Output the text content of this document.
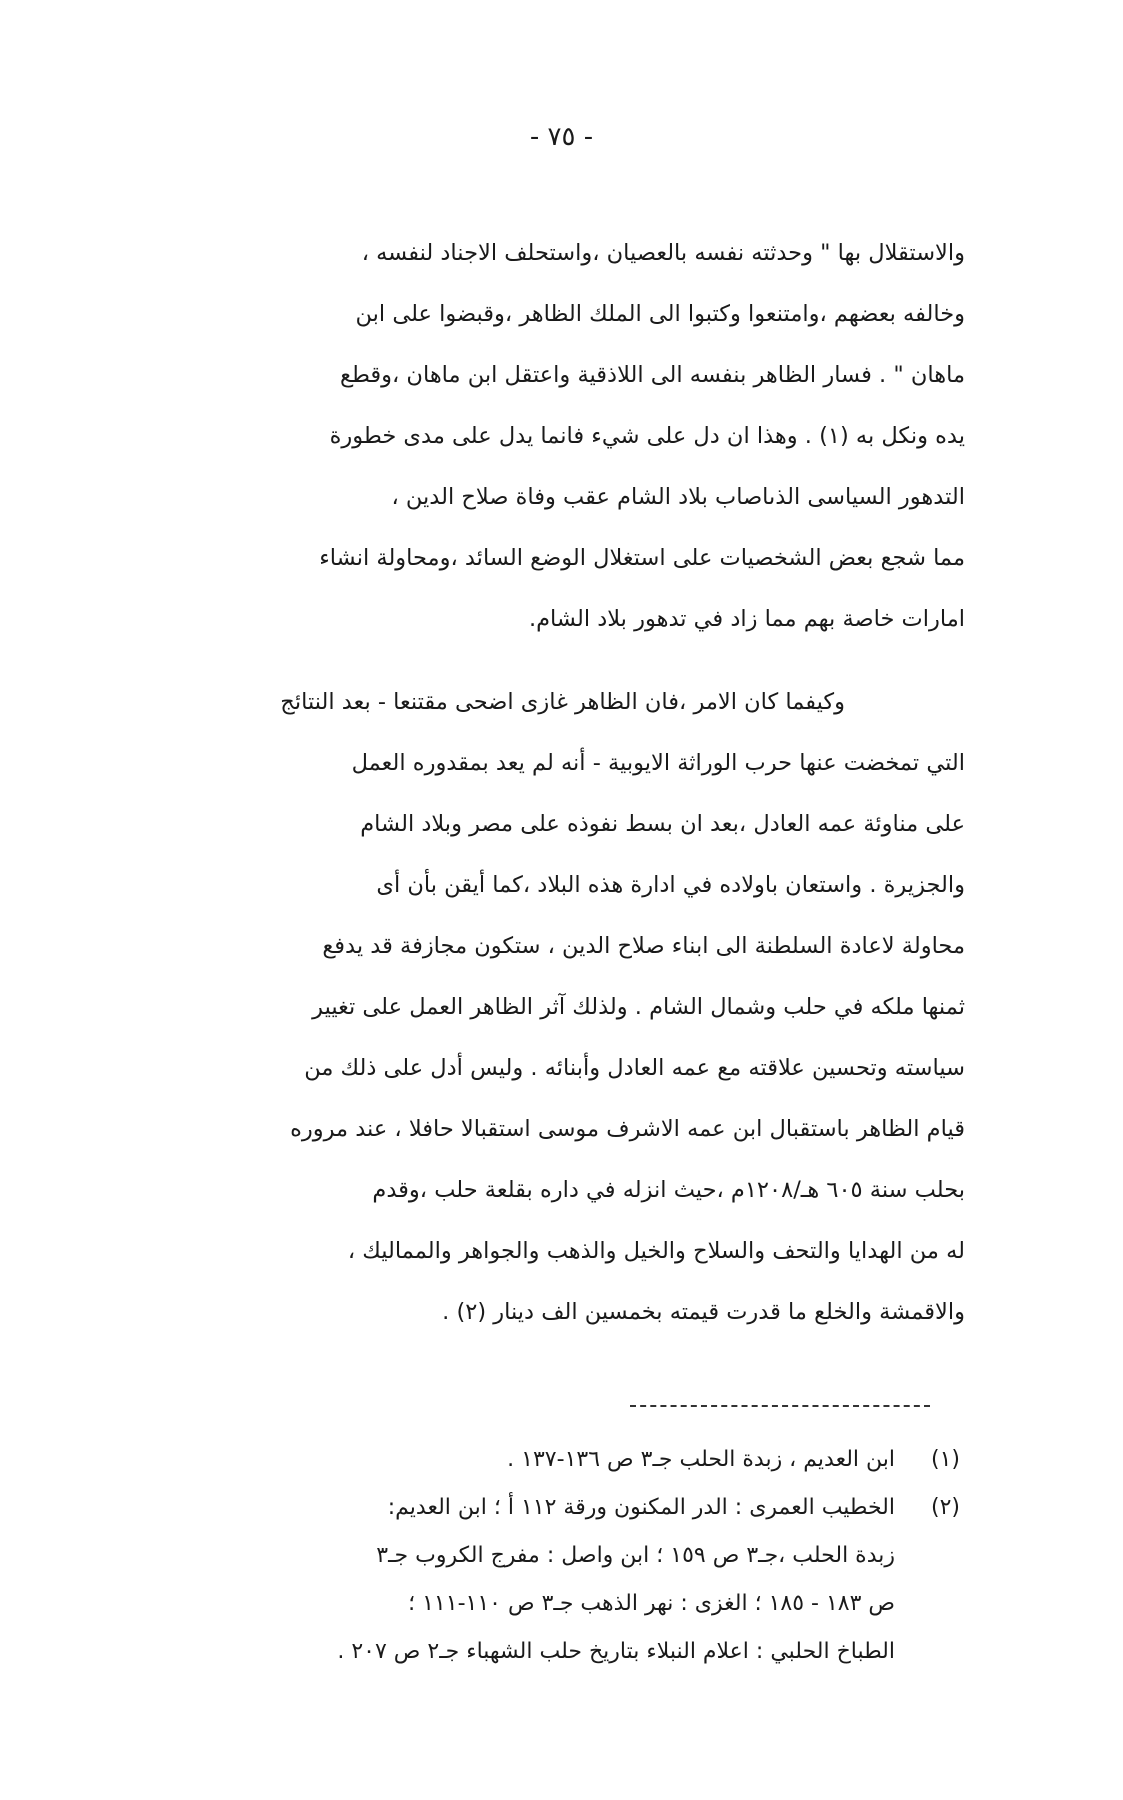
- ٧٥ -
والاستقلال بها " وحدثته نفسه بالعصيان ،واستحلف الاجناد لنفسه ،
وخالفه بعضهم ،وامتنعوا وكتبوا الى الملك الظاهر ،وقبضوا على ابن
ماهان " . فسار الظاهر بنفسه الى اللاذقية واعتقل ابن ماهان ،وقطع
يده ونكل به (١) . وهذا ان دل على شيء فانما يدل على مدى خطورة
التدهور السياسى الذىاصاب بلاد الشام عقب وفاة صلاح الدين ،
مما شجع بعض الشخصيات على استغلال الوضع السائد ،ومحاولة انشاء
امارات خاصة بهم مما زاد في تدهور بلاد الشام.
وكيفما كان الامر ،فان الظاهر غازى اضحى مقتنعا - بعد النتائج
التي تمخضت عنها حرب الوراثة الايوبية - أنه لم يعد بمقدوره العمل
على مناوئة عمه العادل ،بعد ان بسط نفوذه على مصر وبلاد الشام
والجزيرة . واستعان باولاده في ادارة هذه البلاد ،كما أيقن بأن أى
محاولة لاعادة السلطنة الى ابناء صلاح الدين ، ستكون مجازفة قد يدفع
ثمنها ملكه في حلب وشمال الشام . ولذلك آثر الظاهر العمل على تغيير
سياسته وتحسين علاقته مع عمه العادل وأبنائه . وليس أدل على ذلك من
قيام الظاهر باستقبال ابن عمه الاشرف موسى استقبالا حافلا ، عند مروره
بحلب سنة ٦٠٥ هـ/١٢٠٨م ،حيث انزله في داره بقلعة حلب ،وقدم
له من الهدايا والتحف والسلاح والخيل والذهب والجواهر والمماليك ،
والاقمشة والخلع ما قدرت قيمته بخمسين الف دينار (٢) .
(١)
ابن العديم ، زبدة الحلب جـ٣ ص ١٣٦-١٣٧ .
(٢)
الخطيب العمرى : الدر المكنون ورقة ١١٢ أ ؛ ابن العديم:
زبدة الحلب ،جـ٣ ص ١٥٩ ؛ ابن واصل : مفرج الكروب جـ٣
ص ١٨٣ - ١٨٥ ؛ الغزى : نهر الذهب جـ٣ ص ١١٠-١١١ ؛
الطباخ الحلبي : اعلام النبلاء بتاريخ حلب الشهباء جـ٢ ص ٢٠٧ .
